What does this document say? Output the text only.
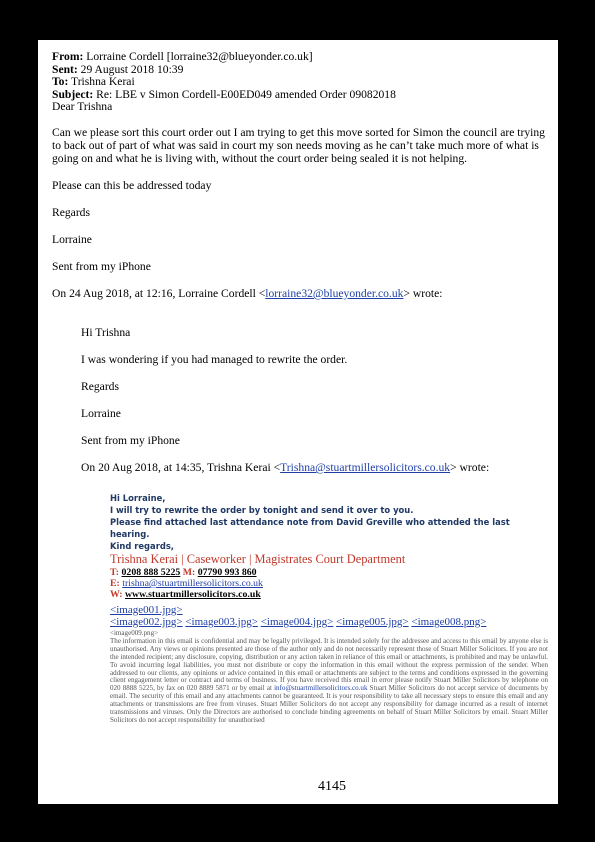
From: Lorraine Cordell [lorraine32@blueyonder.co.uk]
Sent: 29 August 2018 10:39
To: Trishna Kerai
Subject: Re: LBE v Simon Cordell-E00ED049 amended Order 09082018
Dear Trishna

Can we please sort this court order out I am trying to get this move sorted for Simon the council are trying to back out of part of what was said in court my son needs moving as he can’t take much more of what is going on and what he is living with, without the court order being sealed it is not helping.

Please can this be addressed today

Regards

Lorraine

Sent from my iPhone

On 24 Aug 2018, at 12:16, Lorraine Cordell <lorraine32@blueyonder.co.uk> wrote:

Hi Trishna

I was wondering if you had managed to rewrite the order.

Regards

Lorraine

Sent from my iPhone

On 20 Aug 2018, at 14:35, Trishna Kerai <Trishna@stuartmillersolicitors.co.uk> wrote:

Hi Lorraine,
I will try to rewrite the order by tonight and send it over to you.
Please find attached last attendance note from David Greville who attended the last
hearing.
Kind regards,
Trishna Kerai | Caseworker | Magistrates Court Department
T: 0208 888 5225 M: 07790 993 860
E: trishna@stuartmillersolicitors.co.uk
W: www.stuartmillersolicitors.co.uk
<image001.jpg>
<image002.jpg> <image003.jpg> <image004.jpg> <image005.jpg> <image008.png>
<image009.png>
The information in this email is confidential and may be legally privileged. It is intended solely for the addressee and access to this email by anyone else is unauthorised. Any views or opinions presented are those of the author only and do not necessarily represent those of Stuart Miller Solicitors. If you are not the intended recipient; any disclosure, copying, distribution or any action taken in reliance of this email or attachments, is prohibited and may be unlawful. To avoid incurring legal liabilities, you must not distribute or copy the information in this email without the express permission of the sender. When addressed to our clients, any opinions or advice contained in this email or attachments are subject to the terms and conditions expressed in the governing client engagement letter or contract and terms of business. If you have received this email in error please notify Stuart Miller Solicitors by telephone on 020 8888 5225, by fax on 020 8889 5871 or by email at info@stuartmillersolicitors.co.uk Stuart Miller Solicitors do not accept service of documents by email. The security of this email and any attachments cannot be guaranteed. It is your responsibility to take all necessary steps to ensure this email and any attachments or transmissions are free from viruses. Stuart Miller Solicitors do not accept any responsibility for damage incurred as a result of internet transmissions and viruses. Only the Directors are authorised to conclude binding agreements on behalf of Stuart Miller Solicitors by email. Stuart Miller Solicitors do not accept responsibility for unauthorised
4145
